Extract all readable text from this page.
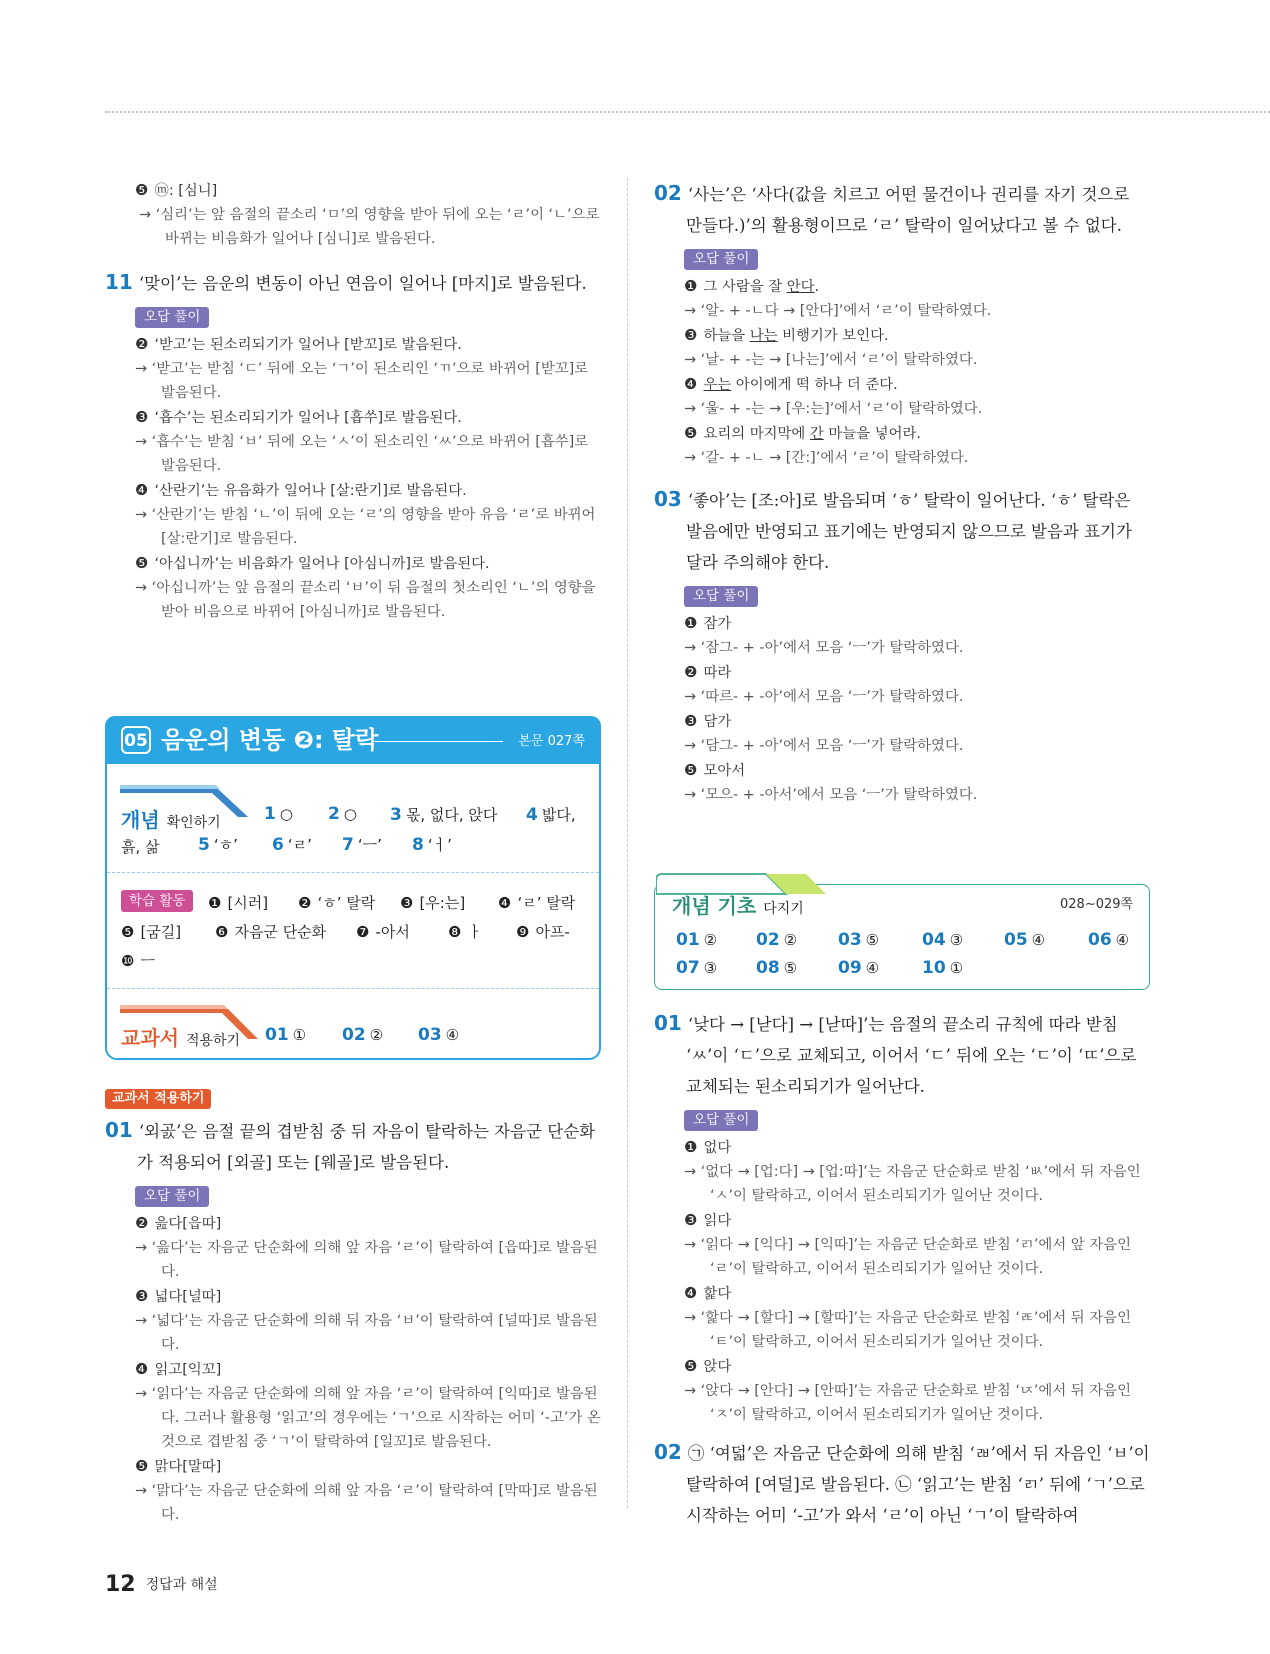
❺ ⓜ: [심니]
→ ‘심리’는 앞 음절의 끝소리 ‘ㅁ’의 영향을 받아 뒤에 오는 ‘ㄹ’이 ‘ㄴ’으로 바뀌는 비음화가 일어나 [심니]로 발음된다.
11 ‘맞이’는 음운의 변동이 아닌 연음이 일어나 [마지]로 발음된다.
오답 풀이
❷ ‘받고’는 된소리되기가 일어나 [받꼬]로 발음된다.
→ ‘받고’는 받침 ‘ㄷ’ 뒤에 오는 ‘ㄱ’이 된소리인 ‘ㄲ’으로 바뀌어 [받꼬]로 발음된다.
❸ ‘흡수’는 된소리되기가 일어나 [흡쑤]로 발음된다.
→ ‘흡수’는 받침 ‘ㅂ’ 뒤에 오는 ‘ㅅ’이 된소리인 ‘ㅆ’으로 바뀌어 [흡쑤]로 발음된다.
❹ ‘산란기’는 유음화가 일어나 [살:란기]로 발음된다.
→ ‘산란기’는 받침 ‘ㄴ’이 뒤에 오는 ‘ㄹ’의 영향을 받아 유음 ‘ㄹ’로 바뀌어 [살:란기]로 발음된다.
❺ ‘아십니까’는 비음화가 일어나 [아심니까]로 발음된다.
→ ‘아십니까’는 앞 음절의 끝소리 ‘ㅂ’이 뒤 음절의 첫소리인 ‘ㄴ’의 영향을 받아 비음으로 바뀌어 [아심니까]로 발음된다.
05 음운의 변동 ❷: 탈락	본문 027쪽
개념 확인하기	1 ○ 2 ○ 3 몫, 없다, 앉다 4 밟다,
흙, 삶 5 ‘ㅎ’ 6 ‘ㄹ’ 7 ‘ㅡ’ 8 ‘ㅓ’
학습 활동	❶ [시러] ❷ ‘ㅎ’ 탈락 ❸ [우:는] ❹ ‘ㄹ’ 탈락
❺ [굼길] ❻ 자음군 단순화 ❼ -아서	❽ ㅏ ❾ 아프-
❿ ㅡ
교과서 적용하기 01 ① 02 ② 03 ④
교과서 적용하기
01 ‘외곬’은 음절 끝의 겹받침 중 뒤 자음이 탈락하는 자음군 단순화가 적용되어 [외골] 또는 [웨골]로 발음된다.
오답 풀이
❷ 읊다[읍따]
→ ‘읊다’는 자음군 단순화에 의해 앞 자음 ‘ㄹ’이 탈락하여 [읍따]로 발음된다.
❸ 넓다[널따]
→ ‘넓다’는 자음군 단순화에 의해 뒤 자음 ‘ㅂ’이 탈락하여 [널따]로 발음된다.
❹ 읽고[익꼬]
→ ‘읽다’는 자음군 단순화에 의해 앞 자음 ‘ㄹ’이 탈락하여 [익따]로 발음된다. 그러나 활용형 ‘읽고’의 경우에는 ‘ㄱ’으로 시작하는 어미 ‘-고’가 온 것으로 겹받침 중 ‘ㄱ’이 탈락하여 [일꼬]로 발음된다.
❺ 맑다[말따]
→ ‘맑다’는 자음군 단순화에 의해 앞 자음 ‘ㄹ’이 탈락하여 [막따]로 발음된다.
02 ‘사는’은 ‘사다(값을 치르고 어떤 물건이나 권리를 자기 것으로 만들다.)’의 활용형이므로 ‘ㄹ’ 탈락이 일어났다고 볼 수 없다.
오답 풀이
❶ 그 사람을 잘 안다.
→ ‘알- + -ㄴ다 → [안다]’에서 ‘ㄹ’이 탈락하였다.
❸ 하늘을 나는 비행기가 보인다.
→ ‘날- + -는 → [나는]’에서 ‘ㄹ’이 탈락하였다.
❹ 우는 아이에게 떡 하나 더 준다.
→ ‘울- + -는 → [우:는]’에서 ‘ㄹ’이 탈락하였다.
❺ 요리의 마지막에 간 마늘을 넣어라.
→ ‘갈- + -ㄴ → [간:]’에서 ‘ㄹ’이 탈락하였다.
03 ‘좋아’는 [조:아]로 발음되며 ‘ㅎ’ 탈락이 일어난다. ‘ㅎ’ 탈락은 발음에만 반영되고 표기에는 반영되지 않으므로 발음과 표기가 달라 주의해야 한다.
오답 풀이
❶ 잠가
→ ‘잠그- + -아’에서 모음 ‘ㅡ’가 탈락하였다.
❷ 따라
→ ‘따르- + -아’에서 모음 ‘ㅡ’가 탈락하였다.
❸ 담가
→ ‘담그- + -아’에서 모음 ‘ㅡ’가 탈락하였다.
❺ 모아서
→ ‘모으- + -아서’에서 모음 ‘ㅡ’가 탈락하였다.
개념 기초 다지기	028∼029쪽
01 ② 02 ② 03 ⑤	04 ③ 05 ④	06 ④
07 ③ 08 ⑤ 09 ④	10 ①
01 ‘낮다 → [낟다] → [낟따]’는 음절의 끝소리 규칙에 따라 받침 ‘ㅆ’이 ‘ㄷ’으로 교체되고, 이어서 ‘ㄷ’ 뒤에 오는 ‘ㄷ’이 ‘ㄸ’으로 교체되는 된소리되기가 일어난다.
오답 풀이
❶ 없다
→ ‘없다 → [업:다] → [업:따]’는 자음군 단순화로 받침 ‘ㅄ’에서 뒤 자음인 ‘ㅅ’이 탈락하고, 이어서 된소리되기가 일어난 것이다.
❸ 읽다
→ ‘읽다 → [익다] → [익따]’는 자음군 단순화로 받침 ‘ㄺ’에서 앞 자음인 ‘ㄹ’이 탈락하고, 이어서 된소리되기가 일어난 것이다.
❹ 핥다
→ ‘핥다 → [할다] → [할따]’는 자음군 단순화로 받침 ‘ㄾ’에서 뒤 자음인 ‘ㅌ’이 탈락하고, 이어서 된소리되기가 일어난 것이다.
❺ 앉다
→ ‘앉다 → [안다] → [안따]’는 자음군 단순화로 받침 ‘ㄵ’에서 뒤 자음인 ‘ㅈ’이 탈락하고, 이어서 된소리되기가 일어난 것이다.
02 ㉠ ‘여덟’은 자음군 단순화에 의해 받침 ‘ㄼ’에서 뒤 자음인 ‘ㅂ’이 탈락하여 [여덜]로 발음된다. ㉡ ‘읽고’는 받침 ‘ㄺ’ 뒤에 ‘ㄱ’으로 시작하는 어미 ‘-고’가 와서 ‘ㄹ’이 아닌 ‘ㄱ’이 탈락하여
12 정답과 해설
